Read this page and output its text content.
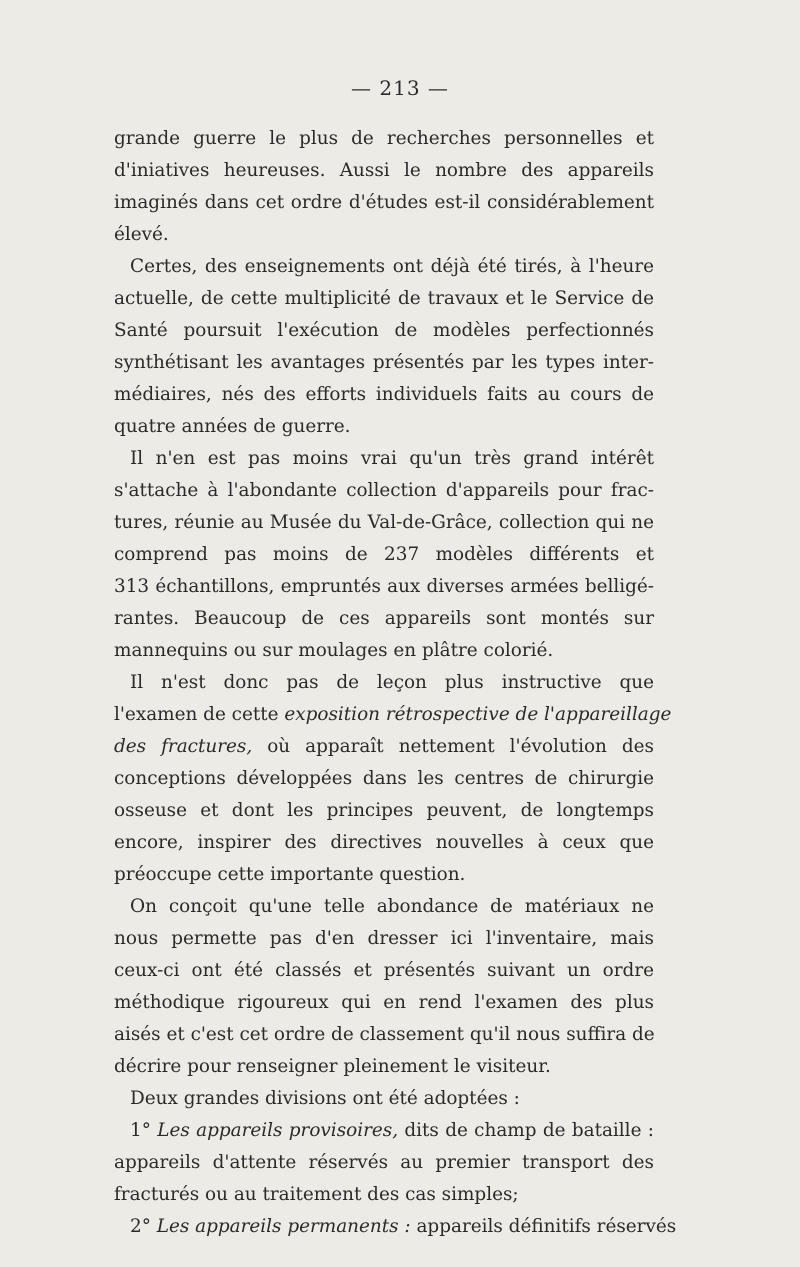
— 213 —
grande guerre le plus de recherches personnelles et
d'iniatives heureuses. Aussi le nombre des appareils
imaginés dans cet ordre d'études est-il considérablement
élevé.
Certes, des enseignements ont déjà été tirés, à l'heure
actuelle, de cette multiplicité de travaux et le Service de
Santé poursuit l'exécution de modèles perfectionnés
synthétisant les avantages présentés par les types inter-
médiaires, nés des efforts individuels faits au cours de
quatre années de guerre.
Il n'en est pas moins vrai qu'un très grand intérêt
s'attache à l'abondante collection d'appareils pour frac-
tures, réunie au Musée du Val-de-Grâce, collection qui ne
comprend pas moins de 237 modèles différents et
313 échantillons, empruntés aux diverses armées belligé-
rantes. Beaucoup de ces appareils sont montés sur
mannequins ou sur moulages en plâtre colorié.
Il n'est donc pas de leçon plus instructive que
l'examen de cette exposition rétrospective de l'appareillage
des fractures, où apparaît nettement l'évolution des
conceptions développées dans les centres de chirurgie
osseuse et dont les principes peuvent, de longtemps
encore, inspirer des directives nouvelles à ceux que
préoccupe cette importante question.
On conçoit qu'une telle abondance de matériaux ne
nous permette pas d'en dresser ici l'inventaire, mais
ceux-ci ont été classés et présentés suivant un ordre
méthodique rigoureux qui en rend l'examen des plus
aisés et c'est cet ordre de classement qu'il nous suffira de
décrire pour renseigner pleinement le visiteur.
Deux grandes divisions ont été adoptées :
1° Les appareils provisoires, dits de champ de bataille :
appareils d'attente réservés au premier transport des
fracturés ou au traitement des cas simples;
2° Les appareils permanents : appareils définitifs réservés
